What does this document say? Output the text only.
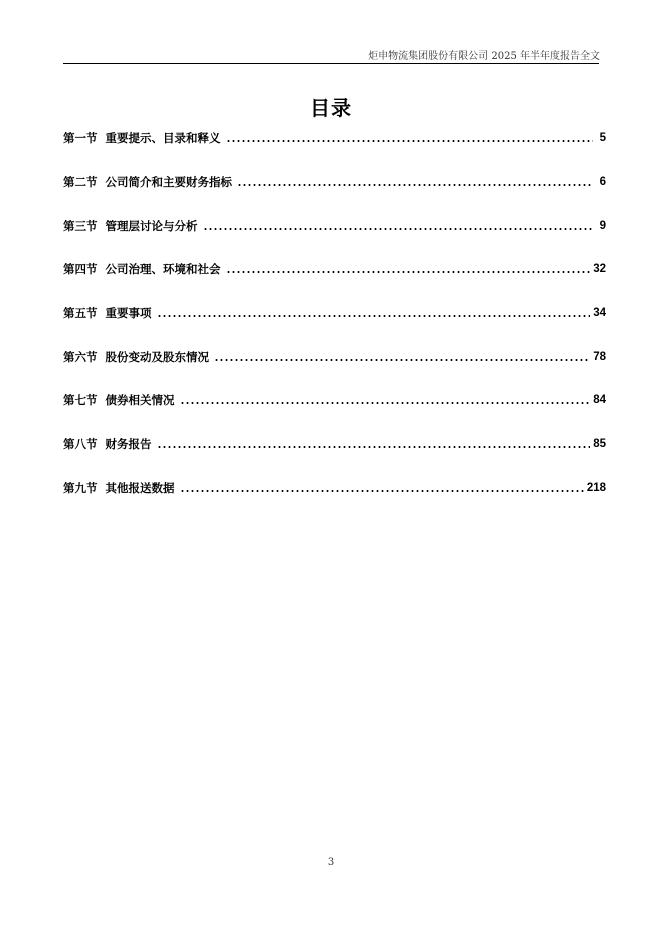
炬申物流集团股份有限公司 2025 年半年度报告全文
目录
第一节 重要提示、目录和释义	5
第二节 公司简介和主要财务指标	6
第三节 管理层讨论与分析	9
第四节 公司治理、环境和社会	32
第五节 重要事项	34
第六节 股份变动及股东情况	78
第七节 债券相关情况	84
第八节 财务报告	85
第九节 其他报送数据	218
3
